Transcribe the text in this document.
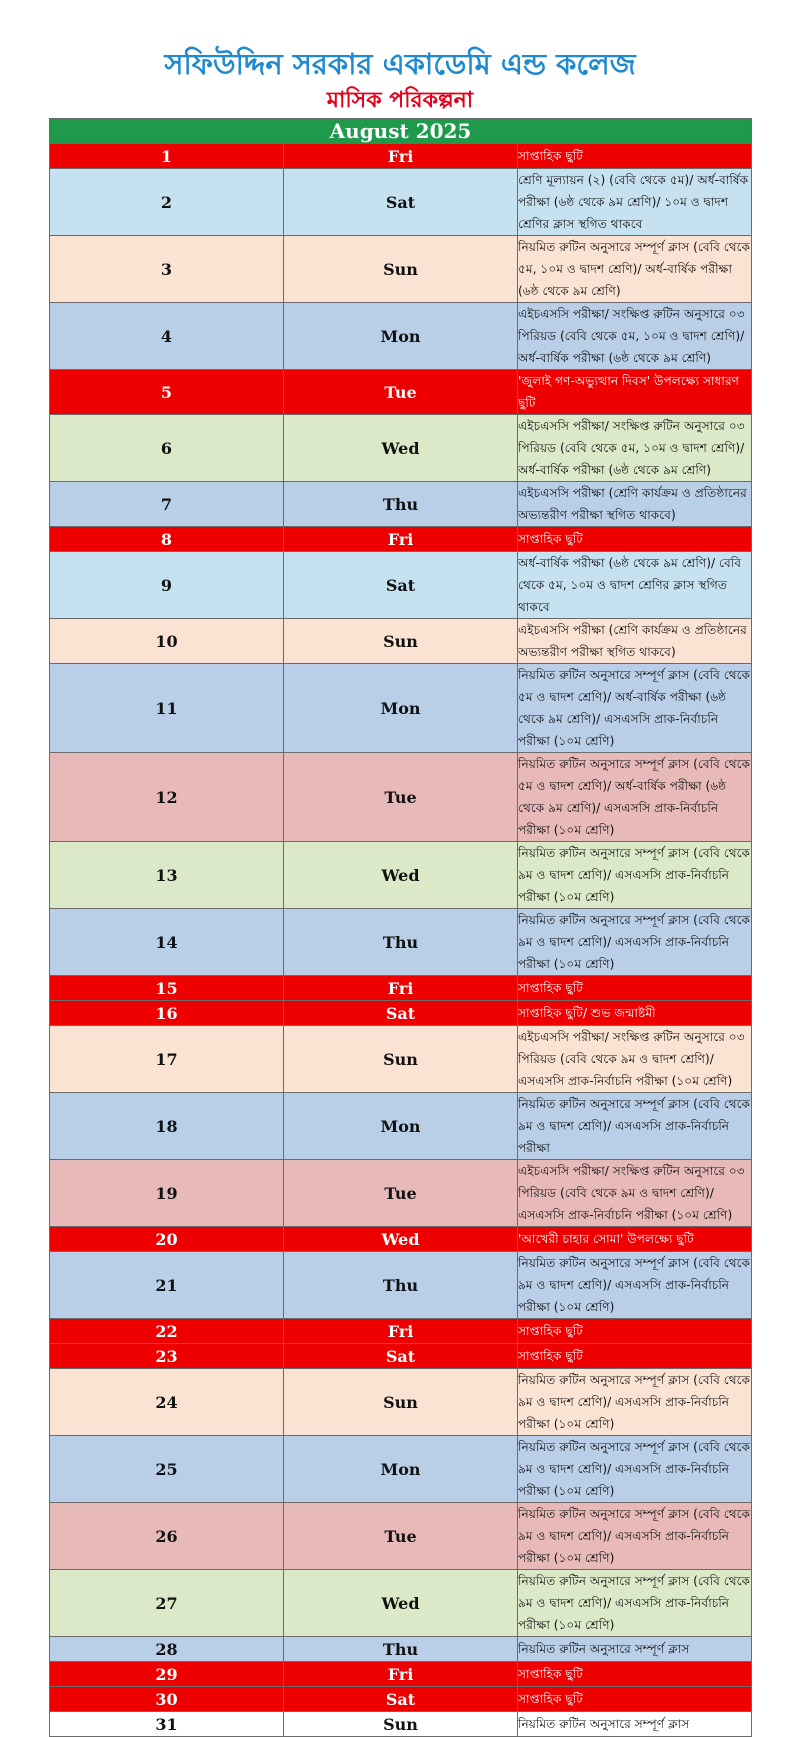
সফিউদ্দিন সরকার একাডেমি এন্ড কলেজ
মাসিক পরিকল্পনা
August 2025		
1	Fri	সাপ্তাহিক ছুটি
2	Sat	শ্রেণি মূল্যায়ন (২) (বেবি থেকে ৫ম)/ অর্ধ-বার্ষিক পরীক্ষা (৬ষ্ঠ থেকে ৯ম শ্রেণি)/ ১০ম ও দ্বাদশ শ্রেণির ক্লাস স্থগিত থাকবে
3	Sun	নিয়মিত রুটিন অনুসারে সম্পূর্ণ ক্লাস (বেবি থেকে ৫ম, ১০ম ও দ্বাদশ শ্রেণি)/ অর্ধ-বার্ষিক পরীক্ষা (৬ষ্ঠ থেকে ৯ম শ্রেণি)
4	Mon	এইচএসসি পরীক্ষা/ সংক্ষিপ্ত রুটিন অনুসারে ০৩ পিরিয়ড (বেবি থেকে ৫ম, ১০ম ও দ্বাদশ শ্রেণি)/ অর্ধ-বার্ষিক পরীক্ষা (৬ষ্ঠ থেকে ৯ম শ্রেণি)
5	Tue	'জুলাই গণ-অভ্যুত্থান দিবস' উপলক্ষ্যে সাধারণ ছুটি
6	Wed	এইচএসসি পরীক্ষা/ সংক্ষিপ্ত রুটিন অনুসারে ০৩ পিরিয়ড (বেবি থেকে ৫ম, ১০ম ও দ্বাদশ শ্রেণি)/ অর্ধ-বার্ষিক পরীক্ষা (৬ষ্ঠ থেকে ৯ম শ্রেণি)
7	Thu	এইচএসসি পরীক্ষা (শ্রেণি কার্যক্রম ও প্রতিষ্ঠানের অভ্যন্তরীণ পরীক্ষা স্থগিত থাকবে)
8	Fri	সাপ্তাহিক ছুটি
9	Sat	অর্ধ-বার্ষিক পরীক্ষা (৬ষ্ঠ থেকে ৯ম শ্রেণি)/ বেবি থেকে ৫ম, ১০ম ও দ্বাদশ শ্রেণির ক্লাস স্থগিত থাকবে
10	Sun	এইচএসসি পরীক্ষা (শ্রেণি কার্যক্রম ও প্রতিষ্ঠানের অভ্যন্তরীণ পরীক্ষা স্থগিত থাকবে)
11	Mon	নিয়মিত রুটিন অনুসারে সম্পূর্ণ ক্লাস (বেবি থেকে ৫ম ও দ্বাদশ শ্রেণি)/ অর্ধ-বার্ষিক পরীক্ষা (৬ষ্ঠ থেকে ৯ম শ্রেণি)/ এসএসসি প্রাক-নির্বাচনি পরীক্ষা (১০ম শ্রেণি)
12	Tue	নিয়মিত রুটিন অনুসারে সম্পূর্ণ ক্লাস (বেবি থেকে ৫ম ও দ্বাদশ শ্রেণি)/ অর্ধ-বার্ষিক পরীক্ষা (৬ষ্ঠ থেকে ৯ম শ্রেণি)/ এসএসসি প্রাক-নির্বাচনি পরীক্ষা (১০ম শ্রেণি)
13	Wed	নিয়মিত রুটিন অনুসারে সম্পূর্ণ ক্লাস (বেবি থেকে ৯ম ও দ্বাদশ শ্রেণি)/ এসএসসি প্রাক-নির্বাচনি পরীক্ষা (১০ম শ্রেণি)
14	Thu	নিয়মিত রুটিন অনুসারে সম্পূর্ণ ক্লাস (বেবি থেকে ৯ম ও দ্বাদশ শ্রেণি)/ এসএসসি প্রাক-নির্বাচনি পরীক্ষা (১০ম শ্রেণি)
15	Fri	সাপ্তাহিক ছুটি
16	Sat	সাপ্তাহিক ছুটি/ শুভ জন্মাষ্টমী
17	Sun	এইচএসসি পরীক্ষা/ সংক্ষিপ্ত রুটিন অনুসারে ০৩ পিরিয়ড (বেবি থেকে ৯ম ও দ্বাদশ শ্রেণি)/ এসএসসি প্রাক-নির্বাচনি পরীক্ষা (১০ম শ্রেণি)
18	Mon	নিয়মিত রুটিন অনুসারে সম্পূর্ণ ক্লাস (বেবি থেকে ৯ম ও দ্বাদশ শ্রেণি)/ এসএসসি প্রাক-নির্বাচনি পরীক্ষা
19	Tue	এইচএসসি পরীক্ষা/ সংক্ষিপ্ত রুটিন অনুসারে ০৩ পিরিয়ড (বেবি থেকে ৯ম ও দ্বাদশ শ্রেণি)/ এসএসসি প্রাক-নির্বাচনি পরীক্ষা (১০ম শ্রেণি)
20	Wed	'আখেরী চাহার সোমা' উপলক্ষ্যে ছুটি
21	Thu	নিয়মিত রুটিন অনুসারে সম্পূর্ণ ক্লাস (বেবি থেকে ৯ম ও দ্বাদশ শ্রেণি)/ এসএসসি প্রাক-নির্বাচনি পরীক্ষা (১০ম শ্রেণি)
22	Fri	সাপ্তাহিক ছুটি
23	Sat	সাপ্তাহিক ছুটি
24	Sun	নিয়মিত রুটিন অনুসারে সম্পূর্ণ ক্লাস (বেবি থেকে ৯ম ও দ্বাদশ শ্রেণি)/ এসএসসি প্রাক-নির্বাচনি পরীক্ষা (১০ম শ্রেণি)
25	Mon	নিয়মিত রুটিন অনুসারে সম্পূর্ণ ক্লাস (বেবি থেকে ৯ম ও দ্বাদশ শ্রেণি)/ এসএসসি প্রাক-নির্বাচনি পরীক্ষা (১০ম শ্রেণি)
26	Tue	নিয়মিত রুটিন অনুসারে সম্পূর্ণ ক্লাস (বেবি থেকে ৯ম ও দ্বাদশ শ্রেণি)/ এসএসসি প্রাক-নির্বাচনি পরীক্ষা (১০ম শ্রেণি)
27	Wed	নিয়মিত রুটিন অনুসারে সম্পূর্ণ ক্লাস (বেবি থেকে ৯ম ও দ্বাদশ শ্রেণি)/ এসএসসি প্রাক-নির্বাচনি পরীক্ষা (১০ম শ্রেণি)
28	Thu	নিয়মিত রুটিন অনুসারে সম্পূর্ণ ক্লাস
29	Fri	সাপ্তাহিক ছুটি
30	Sat	সাপ্তাহিক ছুটি
31	Sun	নিয়মিত রুটিন অনুসারে সম্পূর্ণ ক্লাস
